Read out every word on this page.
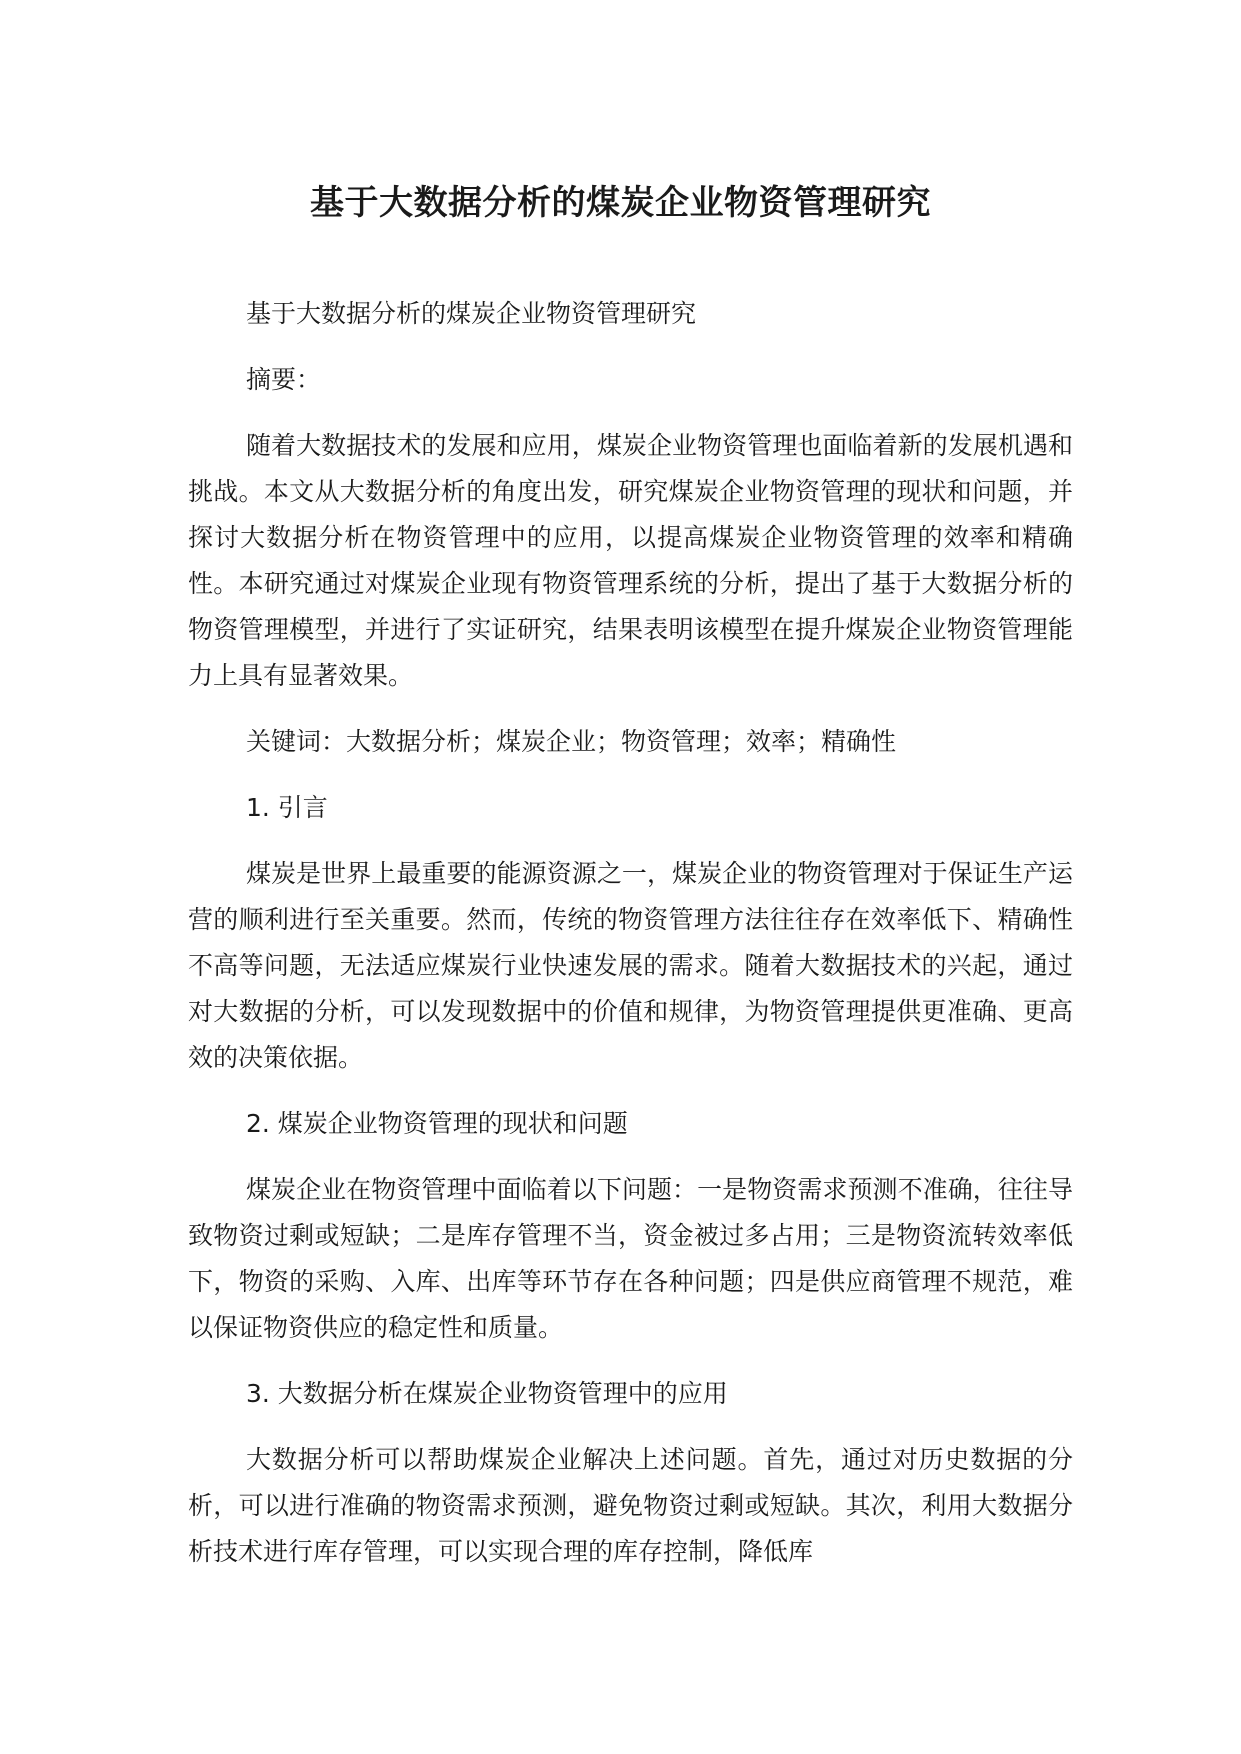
基于大数据分析的煤炭企业物资管理研究

基于大数据分析的煤炭企业物资管理研究

摘要：

随着大数据技术的发展和应用，煤炭企业物资管理也面临着新的发展机遇和挑战。本文从大数据分析的角度出发，研究煤炭企业物资管理的现状和问题，并探讨大数据分析在物资管理中的应用，以提高煤炭企业物资管理的效率和精确性。本研究通过对煤炭企业现有物资管理系统的分析，提出了基于大数据分析的物资管理模型，并进行了实证研究，结果表明该模型在提升煤炭企业物资管理能力上具有显著效果。

关键词：大数据分析；煤炭企业；物资管理；效率；精确性

1. 引言

煤炭是世界上最重要的能源资源之一，煤炭企业的物资管理对于保证生产运营的顺利进行至关重要。然而，传统的物资管理方法往往存在效率低下、精确性不高等问题，无法适应煤炭行业快速发展的需求。随着大数据技术的兴起，通过对大数据的分析，可以发现数据中的价值和规律，为物资管理提供更准确、更高效的决策依据。

2. 煤炭企业物资管理的现状和问题

煤炭企业在物资管理中面临着以下问题：一是物资需求预测不准确，往往导致物资过剩或短缺；二是库存管理不当，资金被过多占用；三是物资流转效率低下，物资的采购、入库、出库等环节存在各种问题；四是供应商管理不规范，难以保证物资供应的稳定性和质量。

3. 大数据分析在煤炭企业物资管理中的应用

大数据分析可以帮助煤炭企业解决上述问题。首先，通过对历史数据的分析，可以进行准确的物资需求预测，避免物资过剩或短缺。其次，利用大数据分析技术进行库存管理，可以实现合理的库存控制，降低库
